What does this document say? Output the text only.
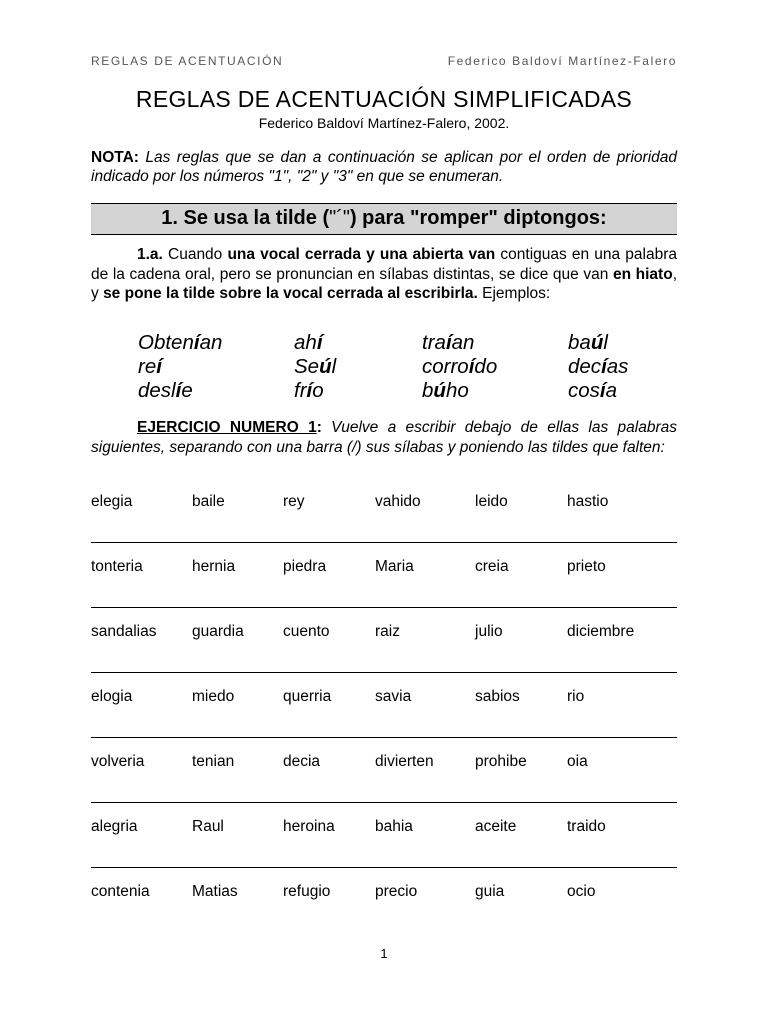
REGLAS DE ACENTUACIÓN	Federico Baldoví Martínez-Falero
REGLAS DE ACENTUACIÓN SIMPLIFICADAS
Federico Baldoví Martínez-Falero, 2002.
NOTA: Las reglas que se dan a continuación se aplican por el orden de prioridad indicado por los números "1", "2" y "3" en que se enumeran.
1. Se usa la tilde ("´") para "romper" diptongos:
1.a. Cuando una vocal cerrada y una abierta van contiguas en una palabra de la cadena oral, pero se pronuncian en sílabas distintas, se dice que van en hiato, y se pone la tilde sobre la vocal cerrada al escribirla. Ejemplos:
Obtenían	ahí	traían	baúl
reí	Seúl	corroído	decías
deslíe	frío	búho	cosía
EJERCICIO NUMERO 1: Vuelve a escribir debajo de ellas las palabras siguientes, separando con una barra (/) sus sílabas y poniendo las tildes que falten:
elegia	baile	rey	vahido	leido	hastio
tonteria	hernia	piedra	Maria	creia	prieto
sandalias guardia	cuento	raiz	julio	diciembre
elogia	miedo	querria	savia	sabios	rio
volveria	tenian	decia	divierten	prohibe	oia
alegria	Raul	heroina	bahia	aceite	traido
contenia	Matias	refugio	precio	guia	ocio
1
